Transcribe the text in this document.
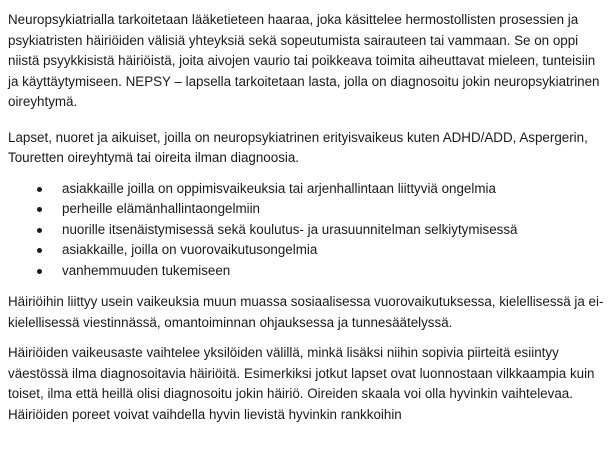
Neuropsykiatrialla tarkoitetaan lääketieteen haaraa, joka käsittelee hermostollisten prosessien ja psykiatristen häiriöiden välisiä yhteyksiä sekä sopeutumista sairauteen tai vammaan. Se on oppi niistä psyykkisistä häiriöistä, joita aivojen vaurio tai poikkeava toimita aiheuttavat mieleen, tunteisiin ja käyttäytymiseen. NEPSY – lapsella tarkoitetaan lasta, jolla on diagnosoitu jokin neuropsykiatrinen oireyhtymä.

Lapset, nuoret ja aikuiset, joilla on neuropsykiatrinen erityisvaikeus kuten ADHD/ADD, Aspergerin, Touretten oireyhtymä tai oireita ilman diagnoosia.

asiakkaille joilla on oppimisvaikeuksia tai arjenhallintaan liittyviä ongelmia
perheille elämänhallintaongelmiin
nuorille itsenäistymisessä sekä koulutus- ja urasuunnitelman selkiytymisessä
asiakkaille, joilla on vuorovaikutusongelmia
vanhemmuuden tukemiseen

Häiriöihin liittyy usein vaikeuksia muun muassa sosiaalisessa vuorovaikutuksessa, kielellisessä ja ei- kielellisessä viestinnässä, omantoiminnan ohjauksessa ja tunnesäätelyssä.

Häiriöiden vaikeusaste vaihtelee yksilöiden välillä, minkä lisäksi niihin sopivia piirteitä esiintyy väestössä ilma diagnosoitavia häiriöitä. Esimerkiksi jotkut lapset ovat luonnostaan vilkkaampia kuin toiset, ilma että heillä olisi diagnosoitu jokin häiriö. Oireiden skaala voi olla hyvinkin vaihtelevaa. Häiriöiden poreet voivat vaihdella hyvin lievistä hyvinkin rankkoihin
